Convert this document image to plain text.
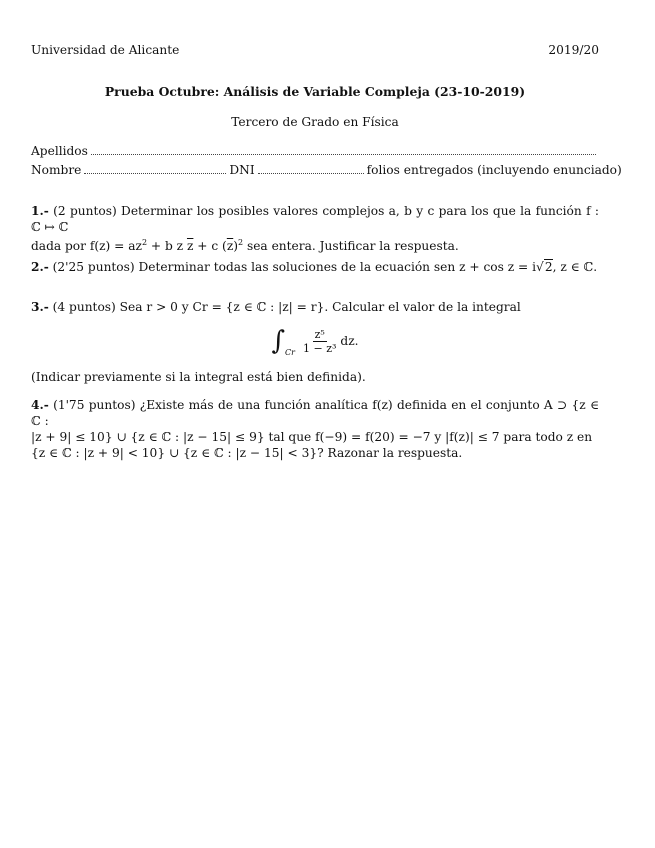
Universidad de Alicante	2019/20
Prueba Octubre: Análisis de Variable Compleja (23-10-2019)
Tercero de Grado en Física
Apellidos
Nombre	DNI	folios entregados (incluyendo enunciado)
1.- (2 puntos) Determinar los posibles valores complejos a, b y c para los que la función f : ℂ ↦ ℂ
dada por $f(z) = az^2 + b$ z $\overline{z} + c$ $(\overline{z})^2$ sea entera. Justificar la respuesta.
2.- (2'25 puntos) Determinar todas las soluciones de la ecuación sen z + cos z = i√2, z ∈ ℂ.
3.- (4 puntos) Sea r > 0 y Cr = {z ∈ ℂ : |z| = r}. Calcular el valor de la integral
∫ Cr $\frac{\text{z⁵}}{\text{1 − z³}}$ dz.
(Indicar previamente si la integral está bien definida).
4.- (1'75 puntos) ¿Existe más de una función analítica f(z) definida en el conjunto A ⊃ {z ∈ ℂ :
|z + 9| ≤ 10} ∪ {z ∈ ℂ : |z − 15| ≤ 9} tal que f(−9) = f(20) = −7 y |f(z)| ≤ 7 para todo z en
{z ∈ ℂ : |z + 9| < 10} ∪ {z ∈ ℂ : |z − 15| < 3}? Razonar la respuesta.
